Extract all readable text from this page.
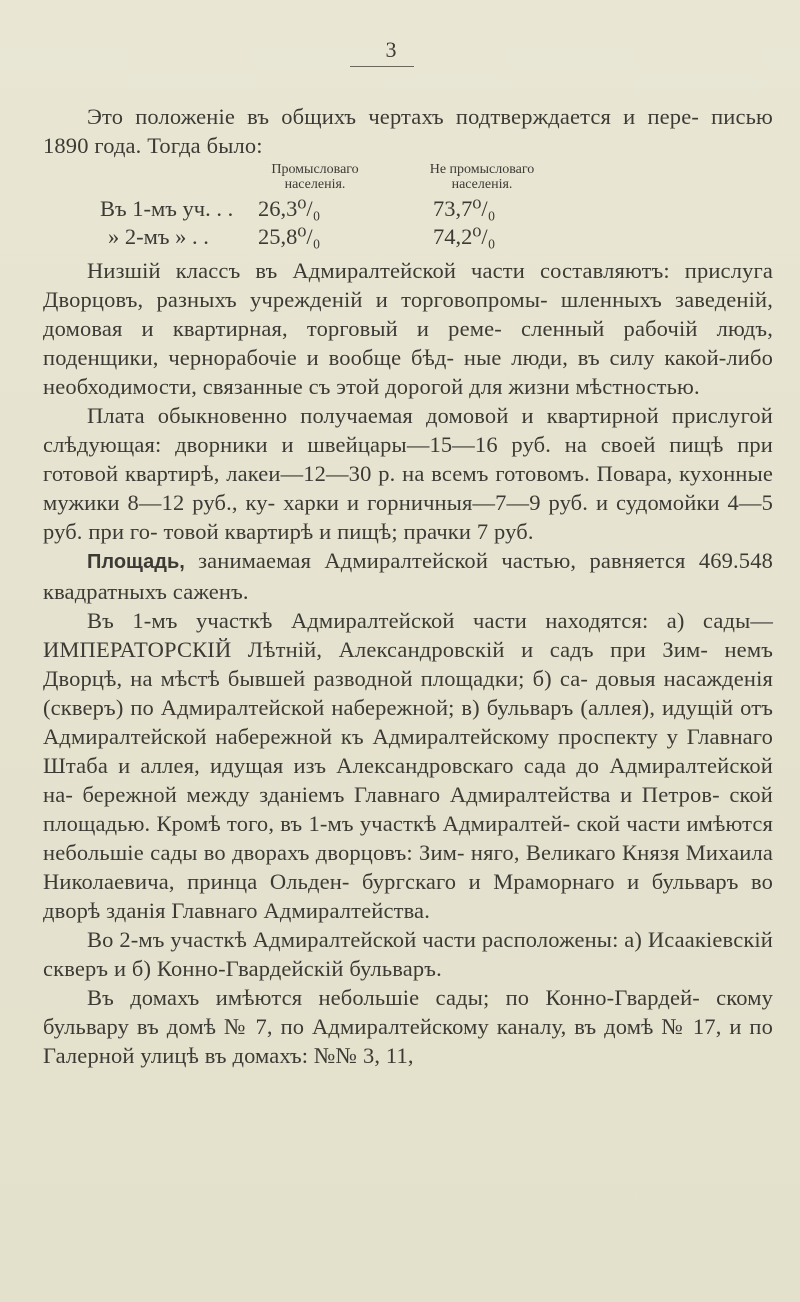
3

Это положеніе въ общихъ чертахъ подтверждается и пере- писью 1890 года. Тогда было:

Промысловаго населенія.
Не промысловаго населенія.
Въ 1-мъ уч. . . 26,3⁰/₀	73,7⁰/₀
» 2-мъ » . . 25,8⁰/₀	74,2⁰/₀

Низшій классъ въ Адмиралтейской части составляютъ: прислуга Дворцовъ, разныхъ учрежденій и торговопромы- шленныхъ заведеній, домовая и квартирная, торговый и реме- сленный рабочій людъ, поденщики, чернорабочіе и вообще бѣд- ные люди, въ силу какой-либо необходимости, связанные съ этой дорогой для жизни мѣстностью.

Плата обыкновенно получаемая домовой и квартирной прислугой слѣдующая: дворники и швейцары—15—16 руб. на своей пищѣ при готовой квартирѣ, лакеи—12—30 р. на всемъ готовомъ. Повара, кухонные мужики 8—12 руб., ку- харки и горничныя—7—9 руб. и судомойки 4—5 руб. при го- товой квартирѣ и пищѣ; прачки 7 руб.

Площадь, занимаемая Адмиралтейской частью, равняется 469.548 квадратныхъ саженъ.

Въ 1-мъ участкѣ Адмиралтейской части находятся: а) сады— ИМПЕРАТОРСКІЙ Лѣтній, Александровскій и садъ при Зим- немъ Дворцѣ, на мѣстѣ бывшей разводной площадки; б) са- довыя насажденія (скверъ) по Адмиралтейской набережной; в) бульваръ (аллея), идущій отъ Адмиралтейской набережной къ Адмиралтейскому проспекту у Главнаго Штаба и аллея, идущая изъ Александровскаго сада до Адмиралтейской на- бережной между зданіемъ Главнаго Адмиралтейства и Петров- ской площадью. Кромѣ того, въ 1-мъ участкѣ Адмиралтей- ской части имѣются небольшіе сады во дворахъ дворцовъ: Зим- няго, Великаго Князя Михаила Николаевича, принца Ольден- бургскаго и Мраморнаго и бульваръ во дворѣ зданія Главнаго Адмиралтейства.

Во 2-мъ участкѣ Адмиралтейской части расположены: а) Исаакіевскій скверъ и б) Конно-Гвардейскій бульваръ.

Въ домахъ имѣются небольшіе сады; по Конно-Гвардей- скому бульвару въ домѣ № 7, по Адмиралтейскому каналу, въ домѣ № 17, и по Галерной улицѣ въ домахъ: №№ 3, 11,
